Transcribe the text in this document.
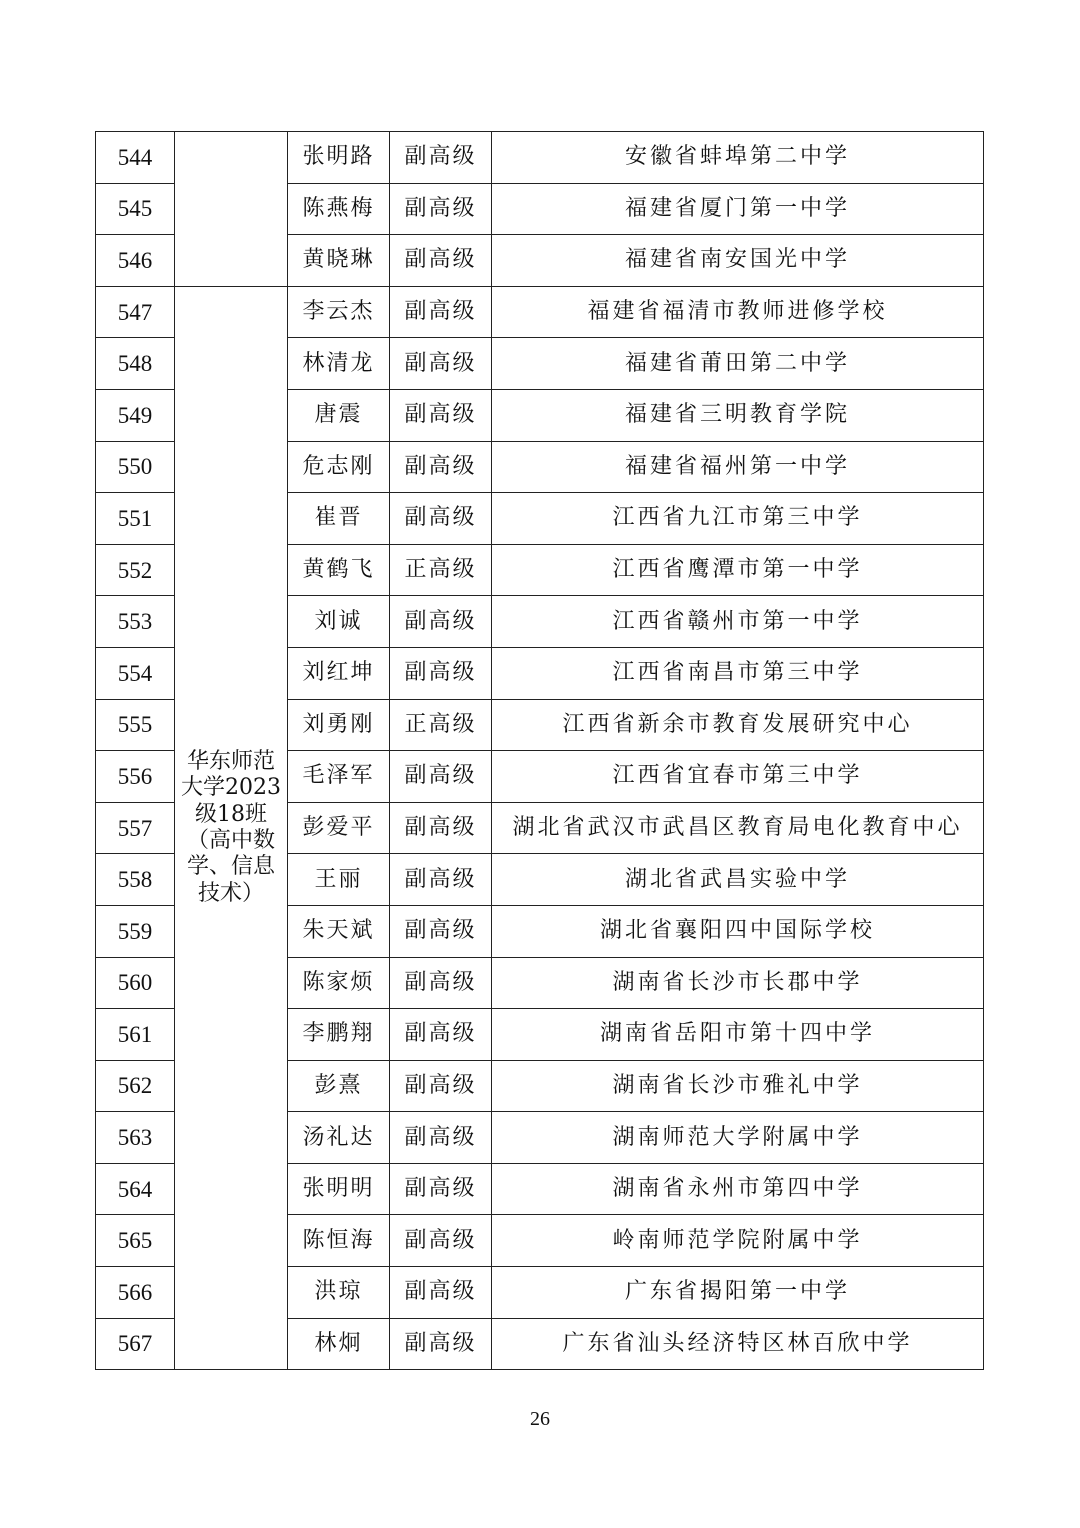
544		张明路	副高级	安徽省蚌埠第二中学
545		陈燕梅	副高级	福建省厦门第一中学
546		黄晓琳	副高级	福建省南安国光中学
547	华东师范大学2023级18班（高中数学、信息技术）	李云杰	副高级	福建省福清市教师进修学校
548		林清龙	副高级	福建省莆田第二中学
549		唐震	副高级	福建省三明教育学院
550		危志刚	副高级	福建省福州第一中学
551		崔晋	副高级	江西省九江市第三中学
552		黄鹤飞	正高级	江西省鹰潭市第一中学
553		刘诚	副高级	江西省赣州市第一中学
554		刘红坤	副高级	江西省南昌市第三中学
555		刘勇刚	正高级	江西省新余市教育发展研究中心
556		毛泽军	副高级	江西省宜春市第三中学
557		彭爱平	副高级	湖北省武汉市武昌区教育局电化教育中心
558		王丽	副高级	湖北省武昌实验中学
559		朱天斌	副高级	湖北省襄阳四中国际学校
560		陈家烦	副高级	湖南省长沙市长郡中学
561		李鹏翔	副高级	湖南省岳阳市第十四中学
562		彭熹	副高级	湖南省长沙市雅礼中学
563		汤礼达	副高级	湖南师范大学附属中学
564		张明明	副高级	湖南省永州市第四中学
565		陈恒海	副高级	岭南师范学院附属中学
566		洪琼	副高级	广东省揭阳第一中学
567		林炯	副高级	广东省汕头经济特区林百欣中学
26
